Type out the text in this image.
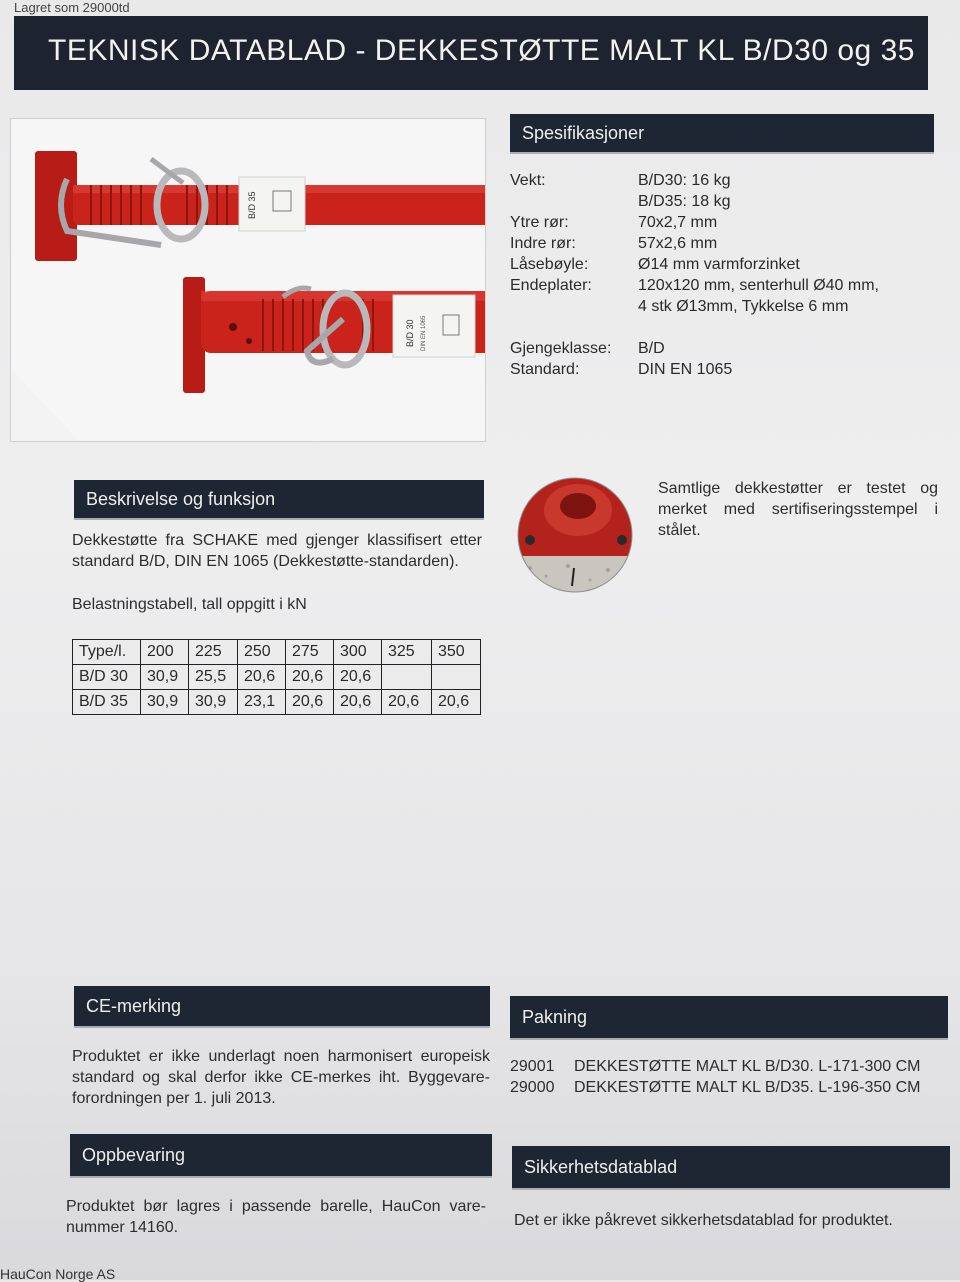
Lagret som 29000td
TEKNISK DATABLAD - DEKKESTØTTE MALT KL B/D30 og 35
B/D 35
B/D 30 DIN EN 1065
Spesifikasjoner
Vekt:	B/D30: 16 kg
B/D35: 18 kg
Ytre rør:	70x2,7 mm
Indre rør:	57x2,6 mm
Låsebøyle:	Ø14 mm varmforzinket
Endeplater:	120x120 mm, senterhull Ø40 mm,
4 stk Ø13mm, Tykkelse 6 mm
Gjengeklasse:	B/D
Standard:	DIN EN 1065
Beskrivelse og funksjon
Dekkestøtte fra SCHAKE med gjenger klassifisert etter standard B/D, DIN EN 1065 (Dekkestøtte-standarden).
Belastningstabell, tall oppgitt i kN
Type/l.	200	225	250	275	300	325	350
B/D 30	30,9	25,5	20,6	20,6	20,6		
B/D 35	30,9	30,9	23,1	20,6	20,6	20,6	20,6
Samtlige dekkestøtter er testet og merket med sertifiseringsstempel i stålet.
CE-merking
Produktet er ikke underlagt noen harmonisert europeisk standard og skal derfor ikke CE-merkes iht. Byggevare-forordningen per 1. juli 2013.
Pakning
29001	DEKKESTØTTE MALT KL B/D30. L-171-300 CM
29000	DEKKESTØTTE MALT KL B/D35. L-196-350 CM
Oppbevaring
Produktet bør lagres i passende barelle, HauCon vare-nummer 14160.
Sikkerhetsdatablad
Det er ikke påkrevet sikkerhetsdatablad for produktet.
HauCon Norge AS
